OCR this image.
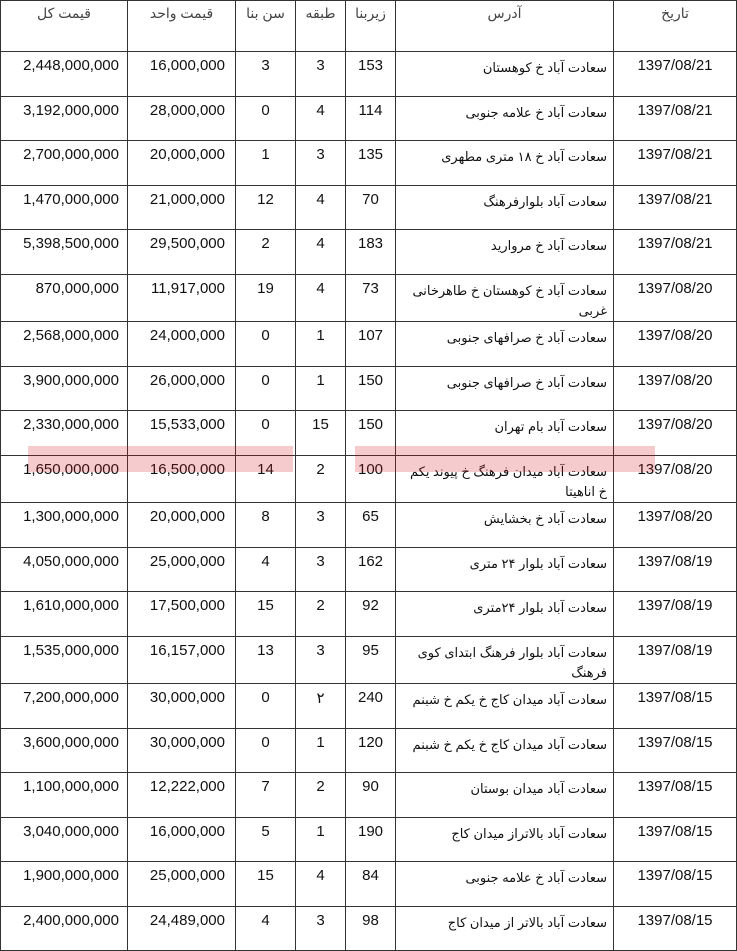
قیمت کل	قیمت واحد	سن بنا	طبقه	زیربنا	آدرس	تاریخ
2,448,000,000	16,000,000	3	3	153	سعادت آباد خ کوهستان	1397/08/21
3,192,000,000	28,000,000	0	4	114	سعادت آباد خ علامه جنوبی	1397/08/21
2,700,000,000	20,000,000	1	3	135	سعادت آباد خ ۱۸ متری مطهری	1397/08/21
1,470,000,000	21,000,000	12	4	70	سعادت آباد بلوارفرهنگ	1397/08/21
5,398,500,000	29,500,000	2	4	183	سعادت آباد خ مروارید	1397/08/21
870,000,000	11,917,000	19	4	73	سعادت آباد خ کوهستان خ طاهرخانی غربی	1397/08/20
2,568,000,000	24,000,000	0	1	107	سعادت آباد خ صرافهای جنوبی	1397/08/20
3,900,000,000	26,000,000	0	1	150	سعادت آباد خ صرافهای جنوبی	1397/08/20
2,330,000,000	15,533,000	0	15	150	سعادت آباد بام تهران	1397/08/20
1,650,000,000	16,500,000	14	2	100	سعادت آباد میدان فرهنگ خ پیوند یکم خ اناهیتا	1397/08/20
1,300,000,000	20,000,000	8	3	65	سعادت آباد خ بخشایش	1397/08/20
4,050,000,000	25,000,000	4	3	162	سعادت آباد بلوار ۲۴ متری	1397/08/19
1,610,000,000	17,500,000	15	2	92	سعادت آباد بلوار ۲۴متری	1397/08/19
1,535,000,000	16,157,000	13	3	95	سعادت آباد بلوار فرهنگ ابتدای کوی فرهنگ	1397/08/19
7,200,000,000	30,000,000	0	۲	240	سعادت آباد میدان کاج خ یکم خ شبنم	1397/08/15
3,600,000,000	30,000,000	0	1	120	سعادت آباد میدان کاج خ یکم خ شبنم	1397/08/15
1,100,000,000	12,222,000	7	2	90	سعادت آباد میدان بوستان	1397/08/15
3,040,000,000	16,000,000	5	1	190	سعادت آباد بالاتراز میدان کاج	1397/08/15
1,900,000,000	25,000,000	15	4	84	سعادت آباد خ علامه جنوبی	1397/08/15
2,400,000,000	24,489,000	4	3	98	سعادت آباد بالاتر از میدان کاج	1397/08/15
